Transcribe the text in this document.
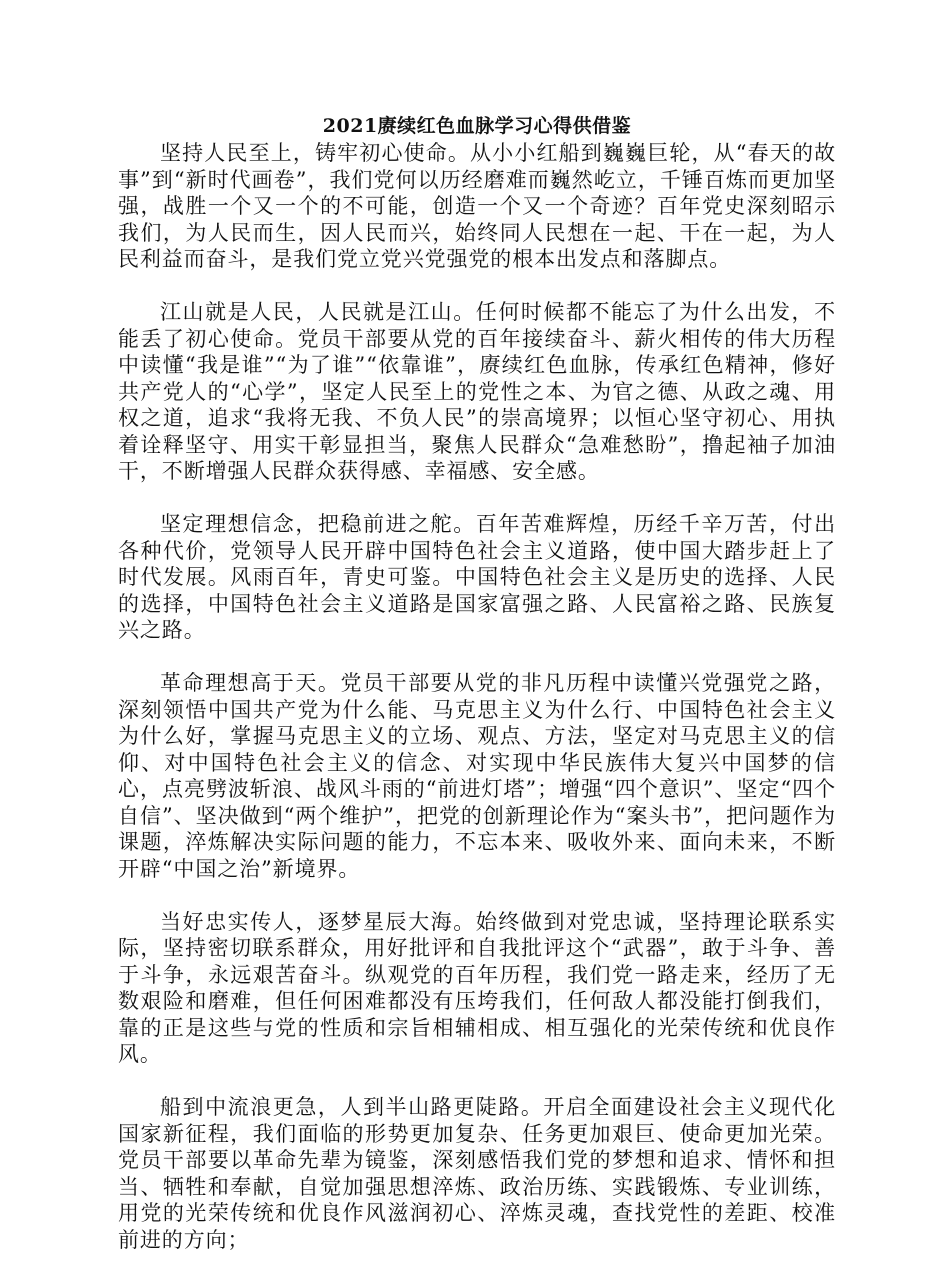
2021赓续红色血脉学习心得供借鉴

坚持人民至上，铸牢初心使命。从小小红船到巍巍巨轮，从“春天的故事”到“新时代画卷”，我们党何以历经磨难而巍然屹立，千锤百炼而更加坚强，战胜一个又一个的不可能，创造一个又一个奇迹？百年党史深刻昭示我们，为人民而生，因人民而兴，始终同人民想在一起、干在一起，为人民利益而奋斗，是我们党立党兴党强党的根本出发点和落脚点。

江山就是人民，人民就是江山。任何时候都不能忘了为什么出发，不能丢了初心使命。党员干部要从党的百年接续奋斗、薪火相传的伟大历程中读懂“我是谁”“为了谁”“依靠谁”，赓续红色血脉，传承红色精神，修好共产党人的“心学”，坚定人民至上的党性之本、为官之德、从政之魂、用权之道，追求“我将无我、不负人民”的崇高境界；以恒心坚守初心、用执着诠释坚守、用实干彰显担当，聚焦人民群众“急难愁盼”，撸起袖子加油干，不断增强人民群众获得感、幸福感、安全感。

坚定理想信念，把稳前进之舵。百年苦难辉煌，历经千辛万苦，付出各种代价，党领导人民开辟中国特色社会主义道路，使中国大踏步赶上了时代发展。风雨百年，青史可鉴。中国特色社会主义是历史的选择、人民的选择，中国特色社会主义道路是国家富强之路、人民富裕之路、民族复兴之路。

革命理想高于天。党员干部要从党的非凡历程中读懂兴党强党之路，深刻领悟中国共产党为什么能、马克思主义为什么行、中国特色社会主义为什么好，掌握马克思主义的立场、观点、方法，坚定对马克思主义的信仰、对中国特色社会主义的信念、对实现中华民族伟大复兴中国梦的信心，点亮劈波斩浪、战风斗雨的“前进灯塔”；增强“四个意识”、坚定“四个自信”、坚决做到“两个维护”，把党的创新理论作为“案头书”，把问题作为课题，淬炼解决实际问题的能力，不忘本来、吸收外来、面向未来，不断开辟“中国之治”新境界。

当好忠实传人，逐梦星辰大海。始终做到对党忠诚，坚持理论联系实际，坚持密切联系群众，用好批评和自我批评这个“武器”，敢于斗争、善于斗争，永远艰苦奋斗。纵观党的百年历程，我们党一路走来，经历了无数艰险和磨难，但任何困难都没有压垮我们，任何敌人都没能打倒我们，靠的正是这些与党的性质和宗旨相辅相成、相互强化的光荣传统和优良作风。

船到中流浪更急，人到半山路更陡路。开启全面建设社会主义现代化国家新征程，我们面临的形势更加复杂、任务更加艰巨、使命更加光荣。党员干部要以革命先辈为镜鉴，深刻感悟我们党的梦想和追求、情怀和担当、牺牲和奉献，自觉加强思想淬炼、政治历练、实践锻炼、专业训练，用党的光荣传统和优良作风滋润初心、淬炼灵魂，查找党性的差距、校准前进的方向；
